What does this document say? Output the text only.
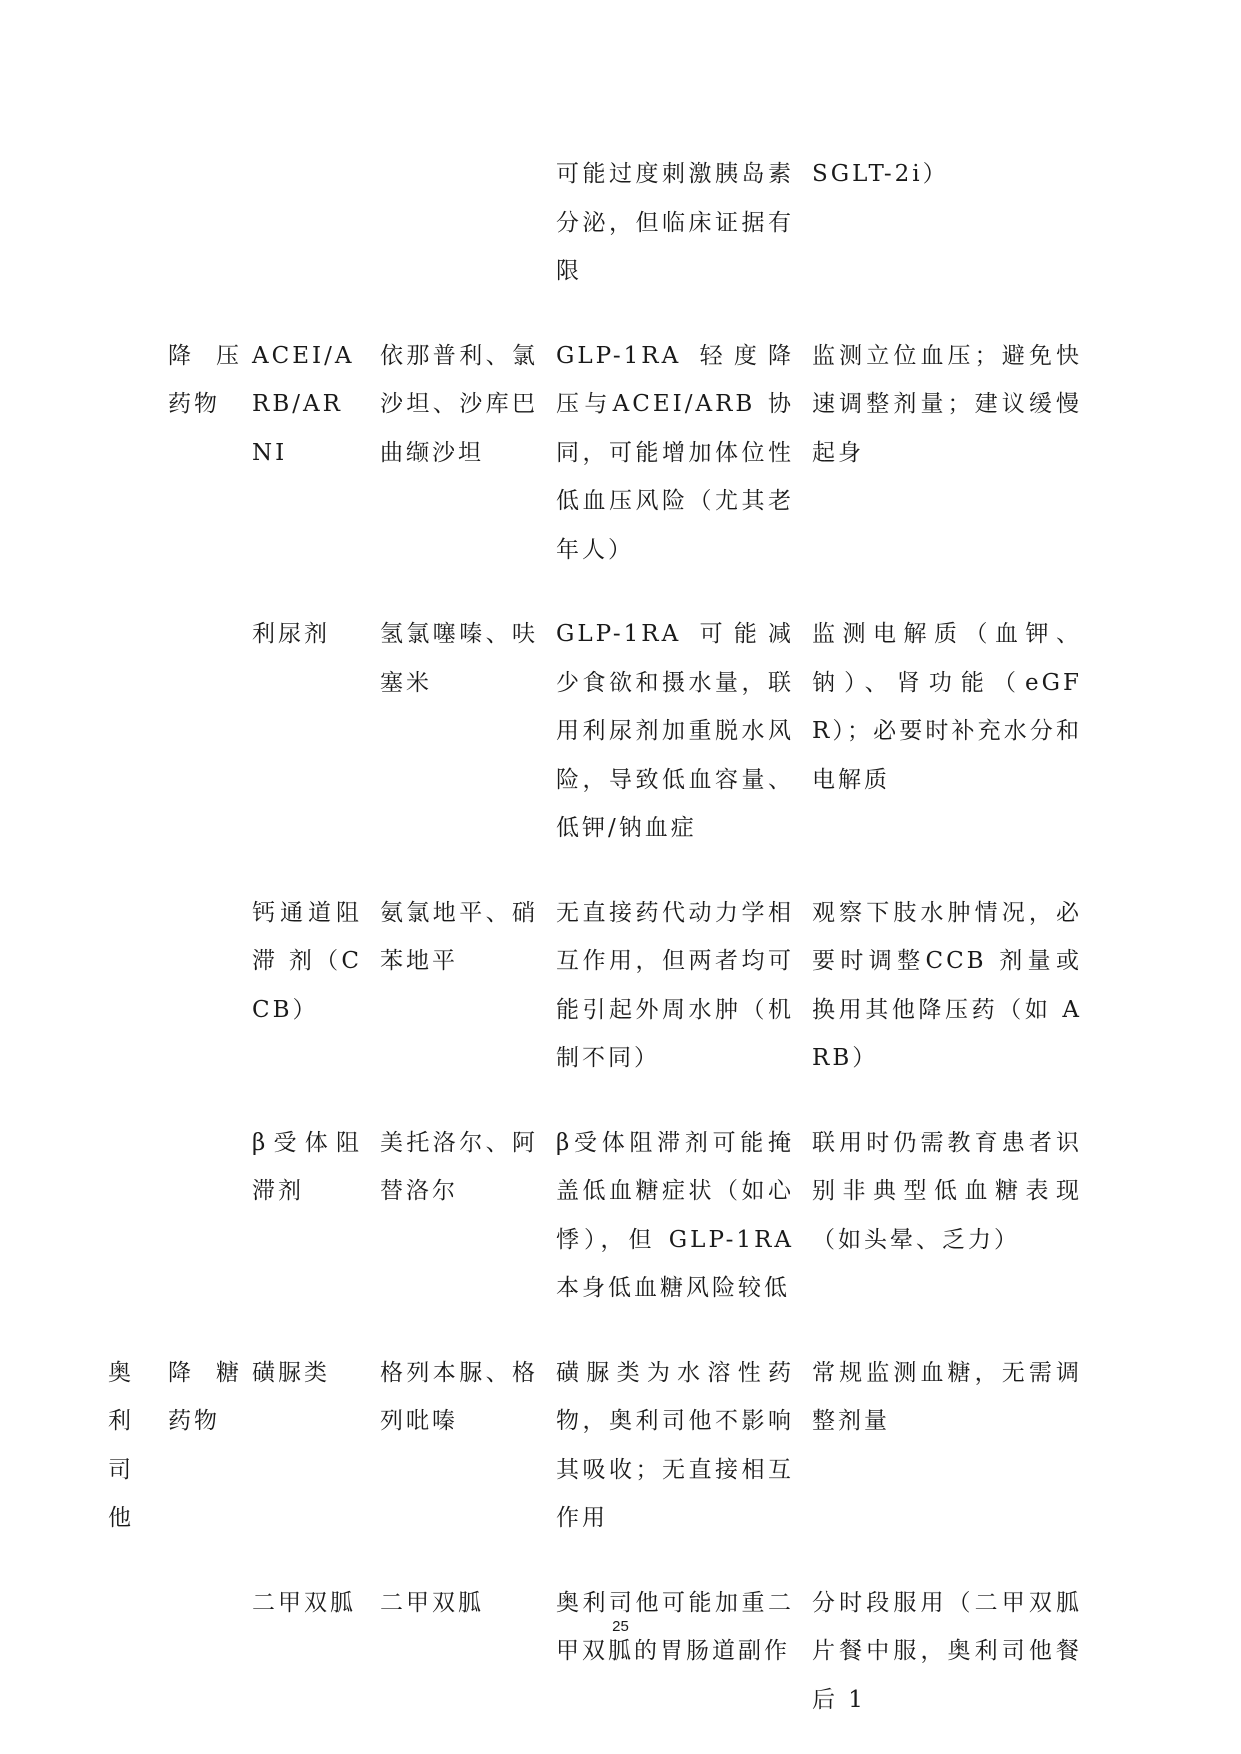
				可能过度刺激胰岛素分泌，但临床证据有限	SGLT-2i）

	降 压药物	ACEI/ARB/ARNI	依那普利、氯沙坦、沙库巴曲缬沙坦	GLP-1RA 轻度降压与ACEI/ARB 协同，可能增加体位性低血压风险（尤其老年人）	监测立位血压；避免快速调整剂量；建议缓慢起身

		利尿剂	氢氯噻嗪、呋塞米	GLP-1RA 可能减少食欲和摄水量，联用利尿剂加重脱水风险，导致低血容量、低钾/钠血症	监测电解质（血钾、钠）、肾功能（eGFR）；必要时补充水分和电解质

		钙通道阻滞 剂（CCB）	氨氯地平、硝苯地平	无直接药代动力学相互作用，但两者均可能引起外周水肿（机制不同）	观察下肢水肿情况，必要时调整CCB 剂量或换用其他降压药（如 ARB）

		β受体阻滞剂	美托洛尔、阿替洛尔	β受体阻滞剂可能掩盖低血糖症状（如心悸），但 GLP-1RA 本身低血糖风险较低	联用时仍需教育患者识别非典型低血糖表现（如头晕、乏力）

奥 利司他	降糖 药物	磺脲类	格列本脲、格列吡嗪	磺脲类为水溶性药物，奥利司他不影响其吸收；无直接相互作用	常规监测血糖，无需调整剂量

		二甲双胍	二甲双胍	奥利司他可能加重二甲双胍的胃肠道副作	分时段服用（二甲双胍片餐中服，奥利司他餐后 1
25
